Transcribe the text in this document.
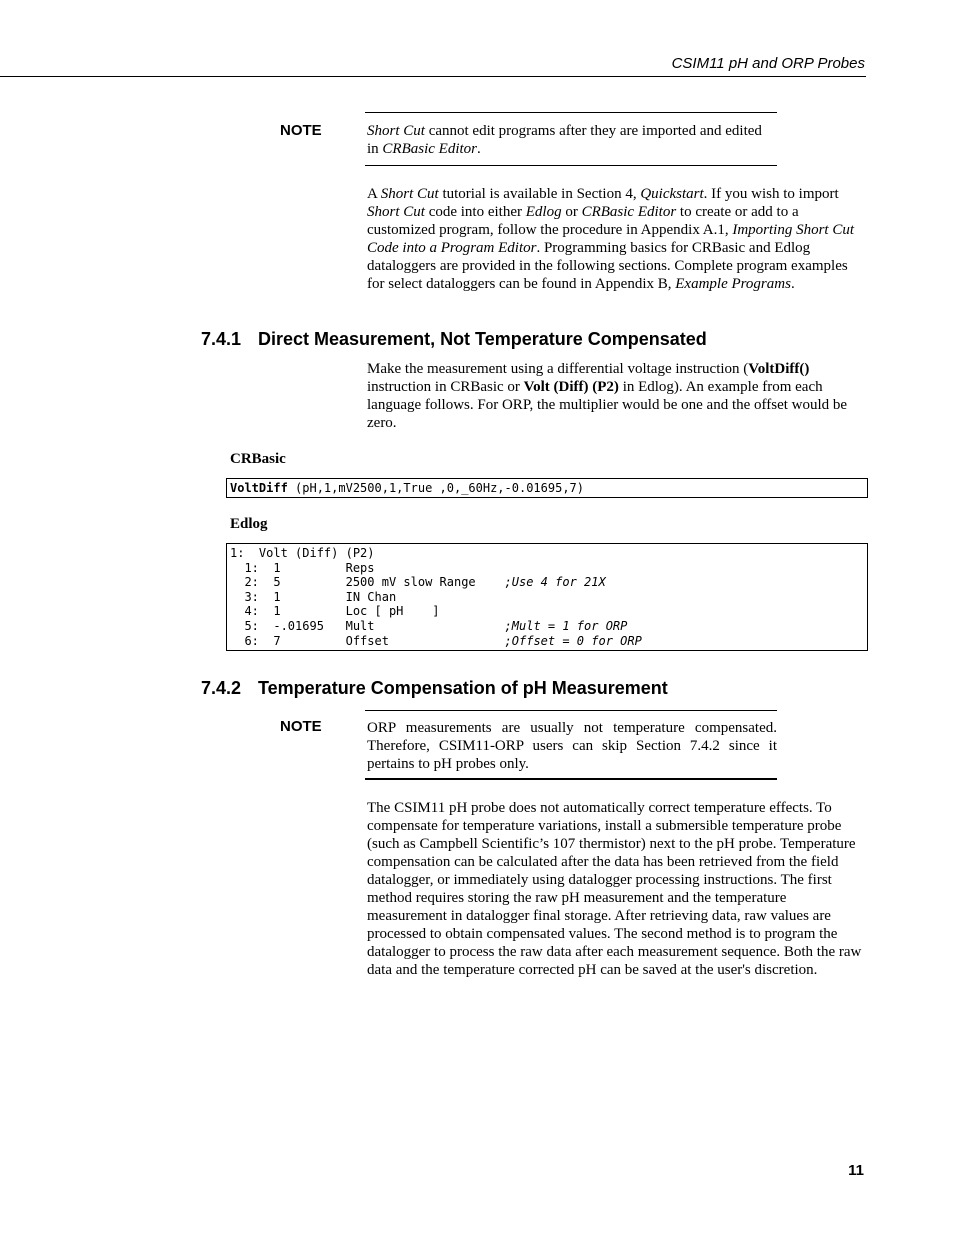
CSIM11 pH and ORP Probes
NOTE	Short Cut cannot edit programs after they are imported and edited in CRBasic Editor.

A Short Cut tutorial is available in Section 4, Quickstart. If you wish to import Short Cut code into either Edlog or CRBasic Editor to create or add to a customized program, follow the procedure in Appendix A.1, Importing Short Cut Code into a Program Editor. Programming basics for CRBasic and Edlog dataloggers are provided in the following sections. Complete program examples for select dataloggers can be found in Appendix B, Example Programs.

7.4.1 Direct Measurement, Not Temperature Compensated

Make the measurement using a differential voltage instruction (VoltDiff() instruction in CRBasic or Volt (Diff) (P2) in Edlog). An example from each language follows. For ORP, the multiplier would be one and the offset would be zero.

CRBasic
VoltDiff (pH,1,mV2500,1,True ,0,_60Hz,-0.01695,7)
Edlog
1:  Volt (Diff) (P2)
1:  1         Reps
2:  5         2500 mV slow Range    ;Use 4 for 21X
3:  1         IN Chan
4:  1         Loc [ pH    ]
5:  -.01695   Mult                  ;Mult = 1 for ORP
6:  7         Offset                ;Offset = 0 for ORP
7.4.2 Temperature Compensation of pH Measurement
NOTE	ORP measurements are usually not temperature compensated. Therefore, CSIM11-ORP users can skip Section 7.4.2 since it pertains to pH probes only.

The CSIM11 pH probe does not automatically correct temperature effects. To compensate for temperature variations, install a submersible temperature probe (such as Campbell Scientific’s 107 thermistor) next to the pH probe. Temperature compensation can be calculated after the data has been retrieved from the field datalogger, or immediately using datalogger processing instructions. The first method requires storing the raw pH measurement and the temperature measurement in datalogger final storage. After retrieving data, raw values are processed to obtain compensated values. The second method is to program the datalogger to process the raw data after each measurement sequence. Both the raw data and the temperature corrected pH can be saved at the user's discretion.

11
